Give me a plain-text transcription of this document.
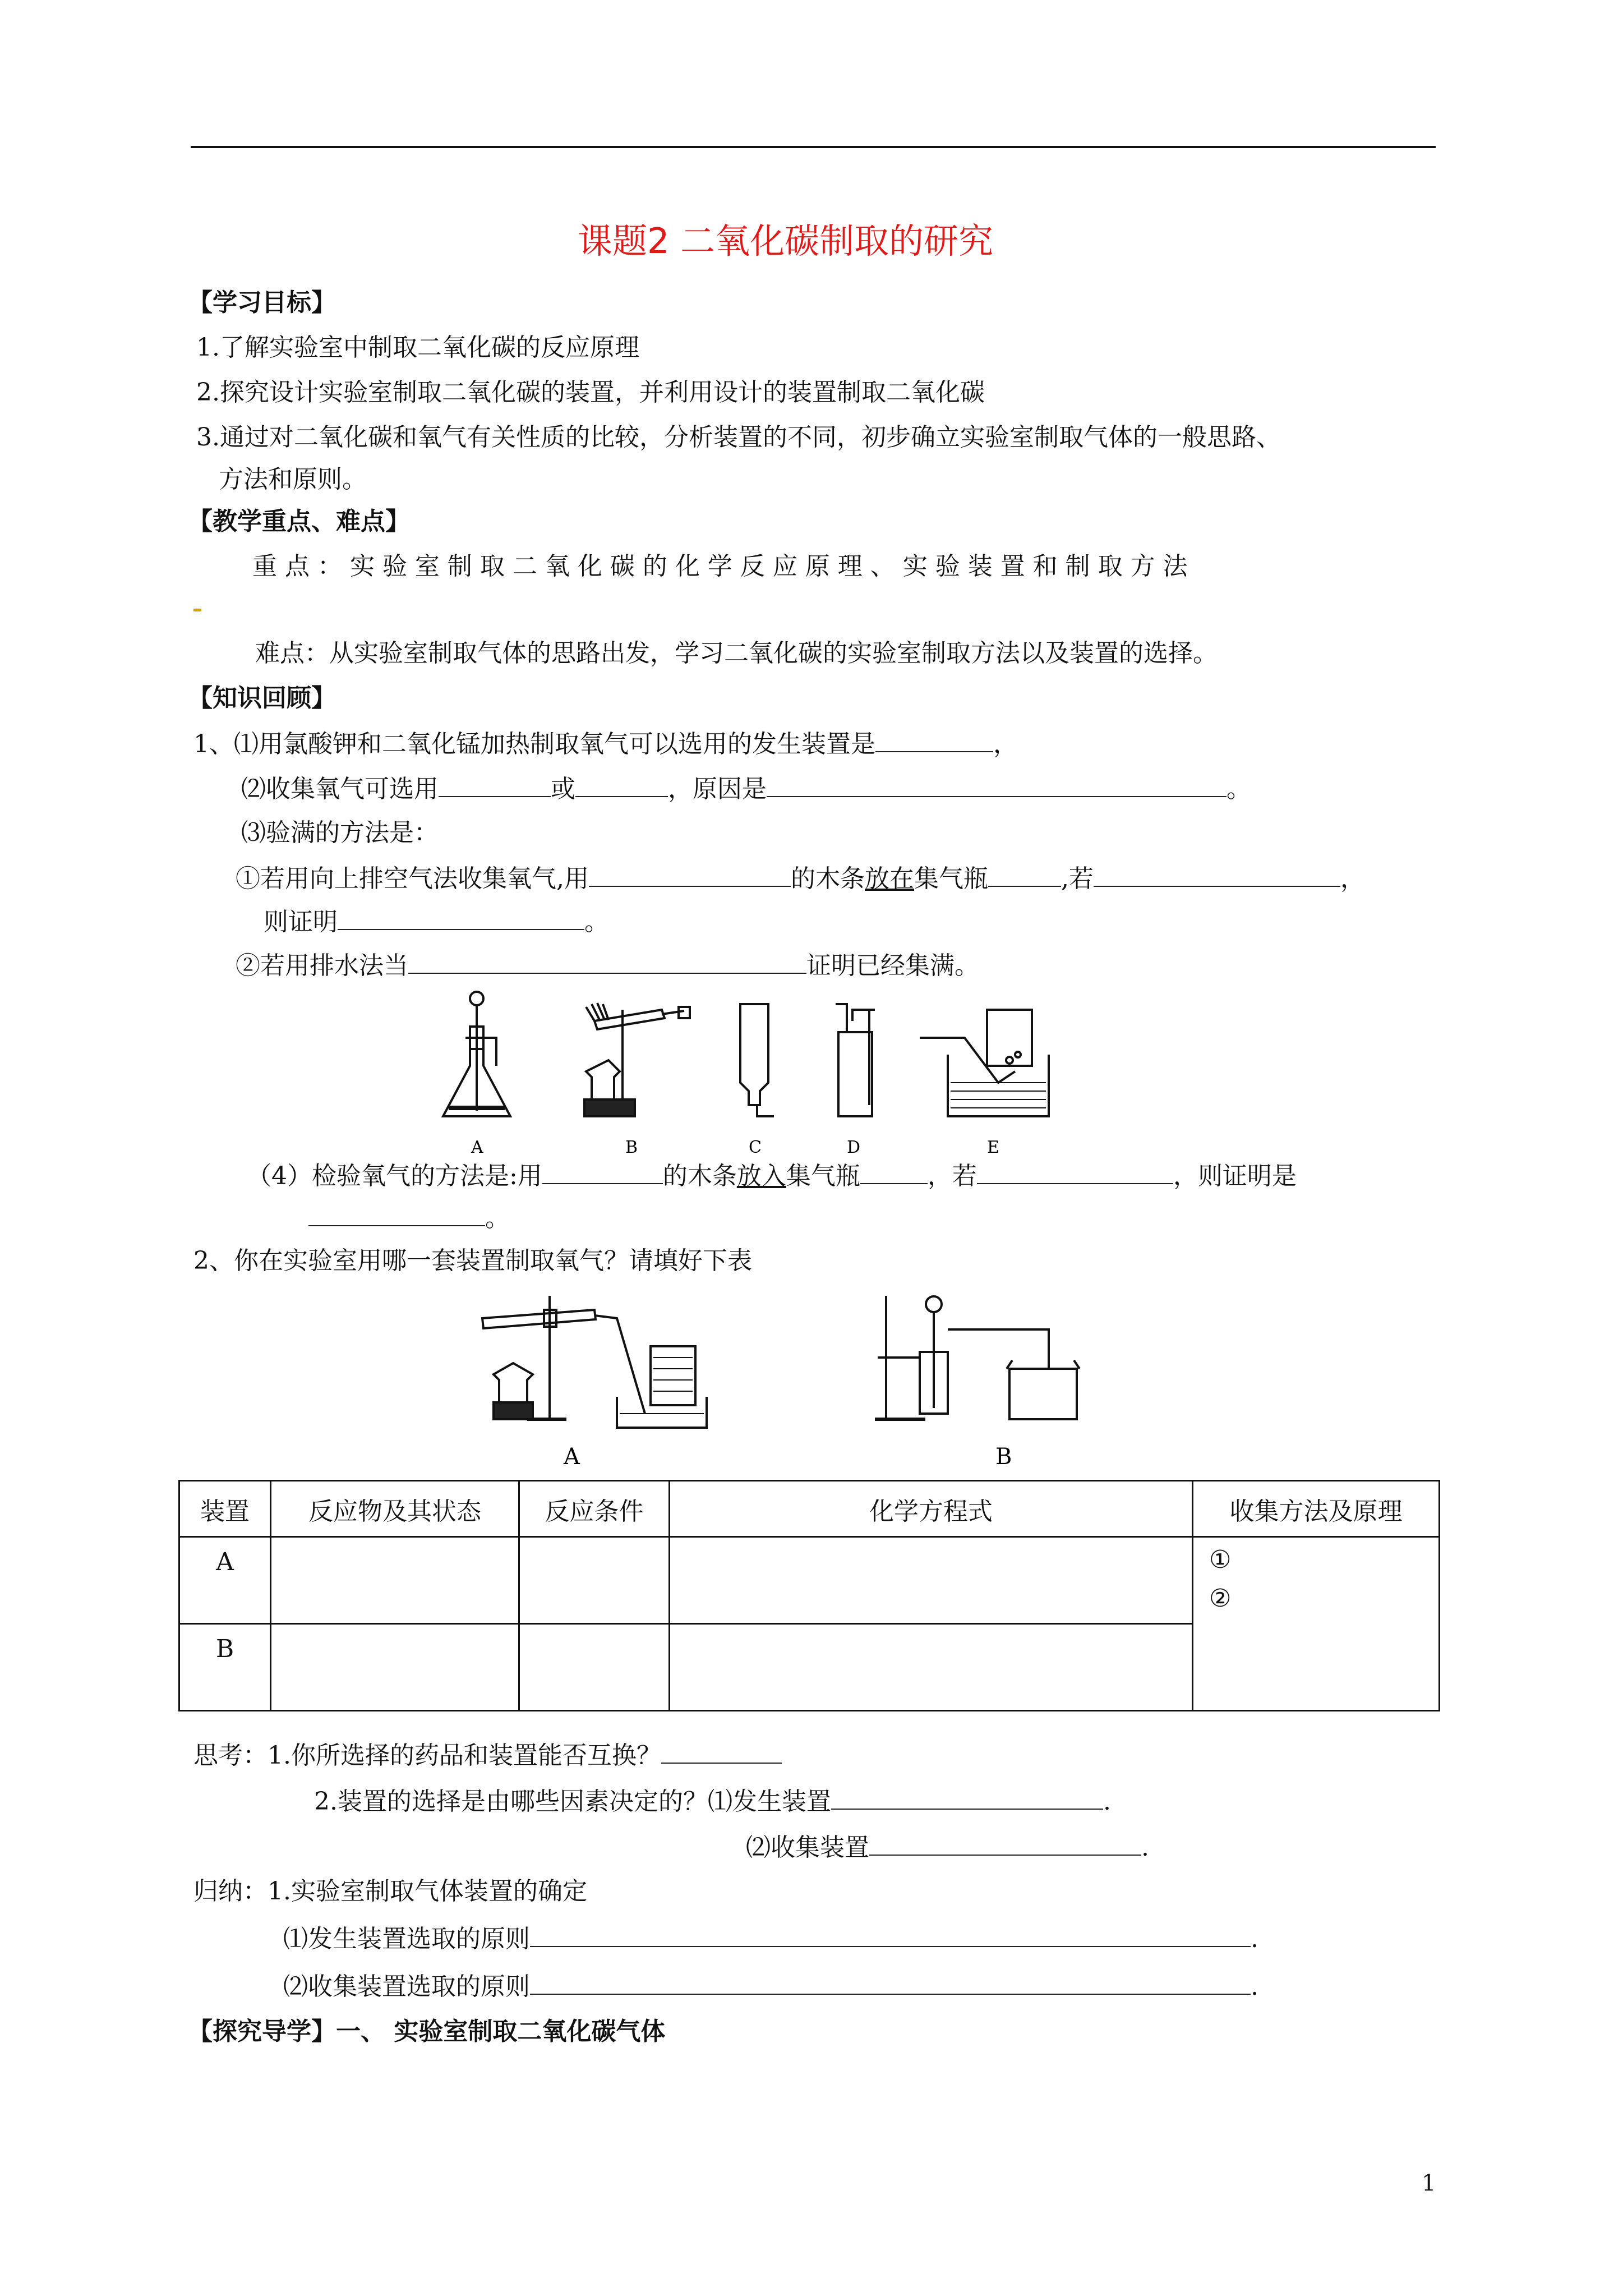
课题2 二氧化碳制取的研究
【学习目标】
1.了解实验室中制取二氧化碳的反应原理
2.探究设计实验室制取二氧化碳的装置，并利用设计的装置制取二氧化碳
3.通过对二氧化碳和氧气有关性质的比较，分析装置的不同，初步确立实验室制取气体的一般思路、
方法和原则。
【教学重点、难点】
重 点 ： 实 验 室 制 取 二 氧 化 碳 的 化 学 反 应 原 理 、 实 验 装 置 和 制 取 方 法
难点：从实验室制取气体的思路出发，学习二氧化碳的实验室制取方法以及装置的选择。
【知识回顾】
1、⑴用氯酸钾和二氧化锰加热制取氧气可以选用的发生装置是	，
⑵收集氧气可选用	或	，原因是	。
⑶验满的方法是：
①若用向上排空气法收集氧气,用	的木条放在集气瓶	,若	，
则证明	。
②若用排水法当	证明已经集满。
A	B	C	D	E
（4）检验氧气的方法是:用	的木条放入集气瓶	，若	，则证明是
。
2、你在实验室用哪一套装置制取氧气？请填好下表
A	B
装置	反应物及其状态	反应条件	化学方程式	收集方法及原理
A				①
②

B				
思考：1.你所选择的药品和装置能否互换？
2.装置的选择是由哪些因素决定的？⑴发生装置	.
⑵收集装置	.
归纳：1.实验室制取气体装置的确定
⑴发生装置选取的原则	.
⑵收集装置选取的原则	.
【探究导学】一、 实验室制取二氧化碳气体
1
